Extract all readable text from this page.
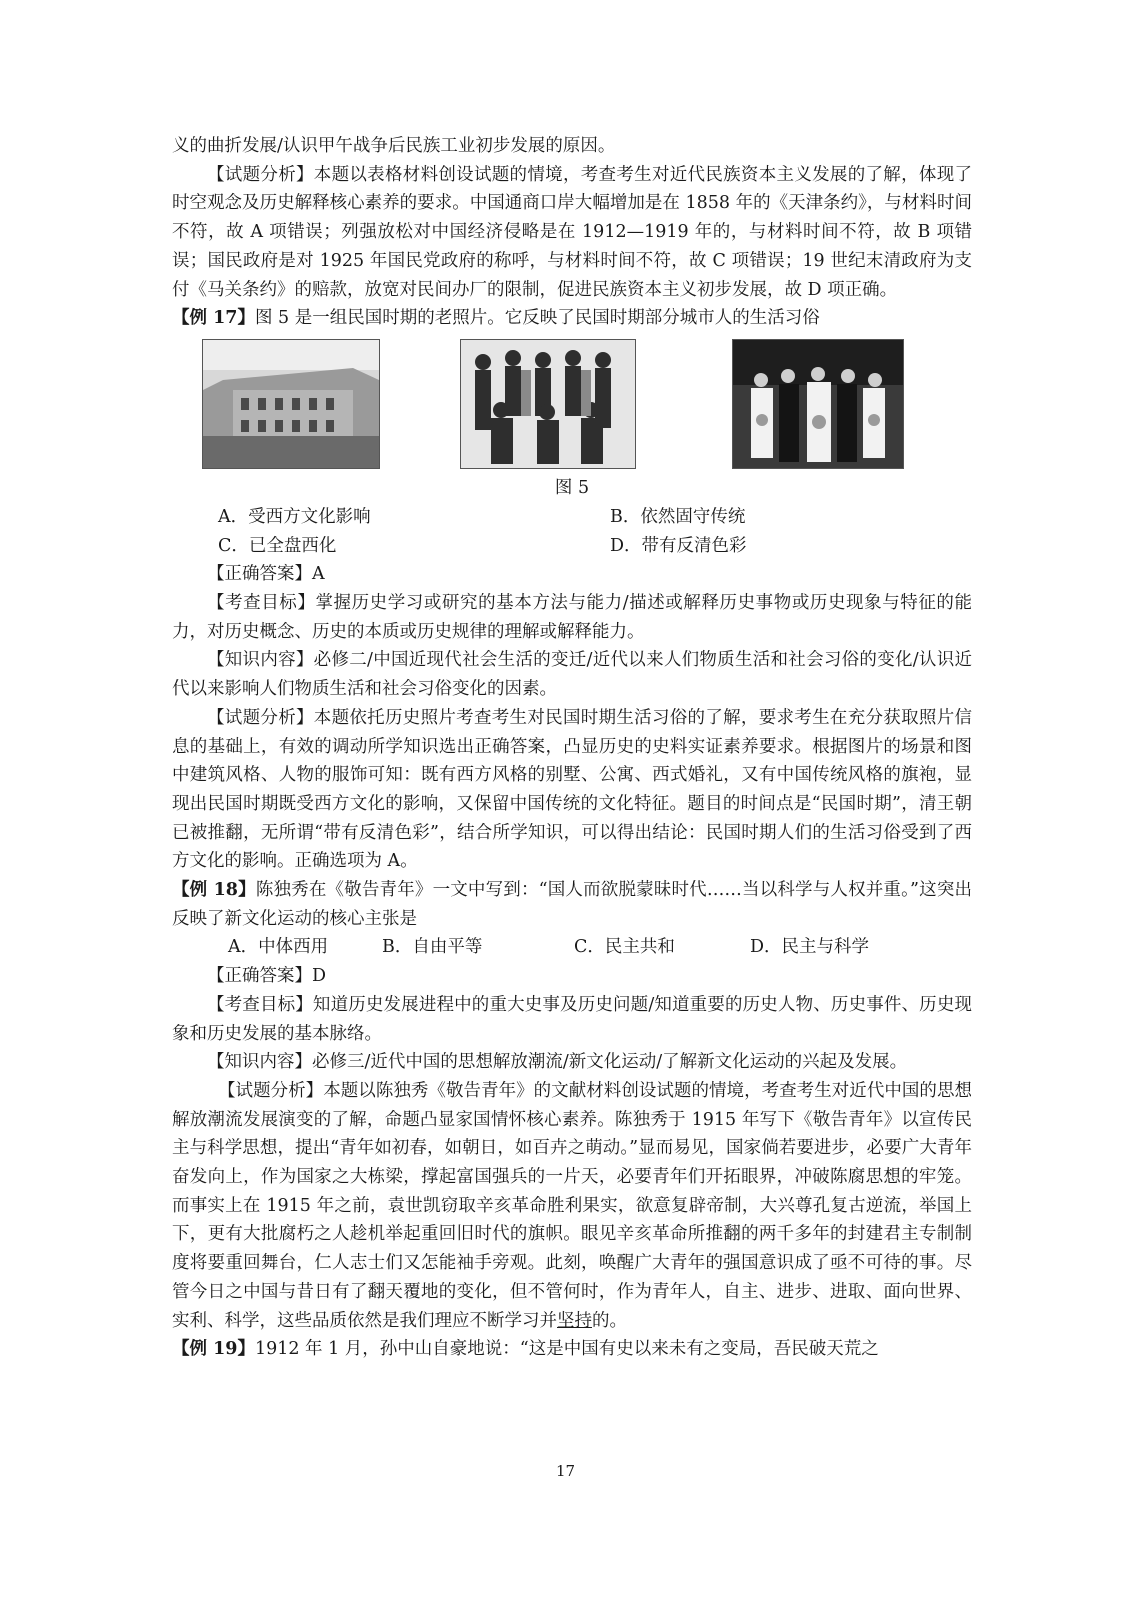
义的曲折发展/认识甲午战争后民族工业初步发展的原因。

【试题分析】本题以表格材料创设试题的情境，考查考生对近代民族资本主义发展的了解，体现了时空观念及历史解释核心素养的要求。中国通商口岸大幅增加是在 1858 年的《天津条约》，与材料时间不符，故 A 项错误；列强放松对中国经济侵略是在 1912—1919 年的，与材料时间不符，故 B 项错误；国民政府是对 1925 年国民党政府的称呼，与材料时间不符，故 C 项错误；19 世纪末清政府为支付《马关条约》的赔款，放宽对民间办厂的限制，促进民族资本主义初步发展，故 D 项正确。

【例 17】图 5 是一组民国时期的老照片。它反映了民国时期部分城市人的生活习俗

图 5
A．受西方文化影响	B．依然固守传统
C．已全盘西化	D．带有反清色彩

【正确答案】A

【考查目标】掌握历史学习或研究的基本方法与能力/描述或解释历史事物或历史现象与特征的能力，对历史概念、历史的本质或历史规律的理解或解释能力。

【知识内容】必修二/中国近现代社会生活的变迁/近代以来人们物质生活和社会习俗的变化/认识近代以来影响人们物质生活和社会习俗变化的因素。

【试题分析】本题依托历史照片考查考生对民国时期生活习俗的了解，要求考生在充分获取照片信息的基础上，有效的调动所学知识选出正确答案，凸显历史的史料实证素养要求。根据图片的场景和图中建筑风格、人物的服饰可知：既有西方风格的别墅、公寓、西式婚礼，又有中国传统风格的旗袍，显现出民国时期既受西方文化的影响，又保留中国传统的文化特征。题目的时间点是“民国时期”，清王朝已被推翻，无所谓“带有反清色彩”，结合所学知识，可以得出结论：民国时期人们的生活习俗受到了西方文化的影响。正确选项为 A。

【例 18】陈独秀在《敬告青年》一文中写到：“国人而欲脱蒙昧时代……当以科学与人权并重。”这突出反映了新文化运动的核心主张是

A．中体西用	B．自由平等	C．民主共和	D．民主与科学

【正确答案】D

【考查目标】知道历史发展进程中的重大史事及历史问题/知道重要的历史人物、历史事件、历史现象和历史发展的基本脉络。

【知识内容】必修三/近代中国的思想解放潮流/新文化运动/了解新文化运动的兴起及发展。

【试题分析】本题以陈独秀《敬告青年》的文献材料创设试题的情境，考查考生对近代中国的思想解放潮流发展演变的了解，命题凸显家国情怀核心素养。陈独秀于 1915 年写下《敬告青年》以宣传民主与科学思想，提出“青年如初春，如朝日，如百卉之萌动。”显而易见，国家倘若要进步，必要广大青年奋发向上，作为国家之大栋梁，撑起富国强兵的一片天，必要青年们开拓眼界，冲破陈腐思想的牢笼。而事实上在 1915 年之前，袁世凯窃取辛亥革命胜利果实，欲意复辟帝制，大兴尊孔复古逆流，举国上下，更有大批腐朽之人趁机举起重回旧时代的旗帜。眼见辛亥革命所推翻的两千多年的封建君主专制制度将要重回舞台，仁人志士们又怎能袖手旁观。此刻，唤醒广大青年的强国意识成了亟不可待的事。尽管今日之中国与昔日有了翻天覆地的变化，但不管何时，作为青年人，自主、进步、进取、面向世界、实利、科学，这些品质依然是我们理应不断学习并坚持的。

【例 19】1912 年 1 月，孙中山自豪地说：“这是中国有史以来未有之变局，吾民破天荒之

17
